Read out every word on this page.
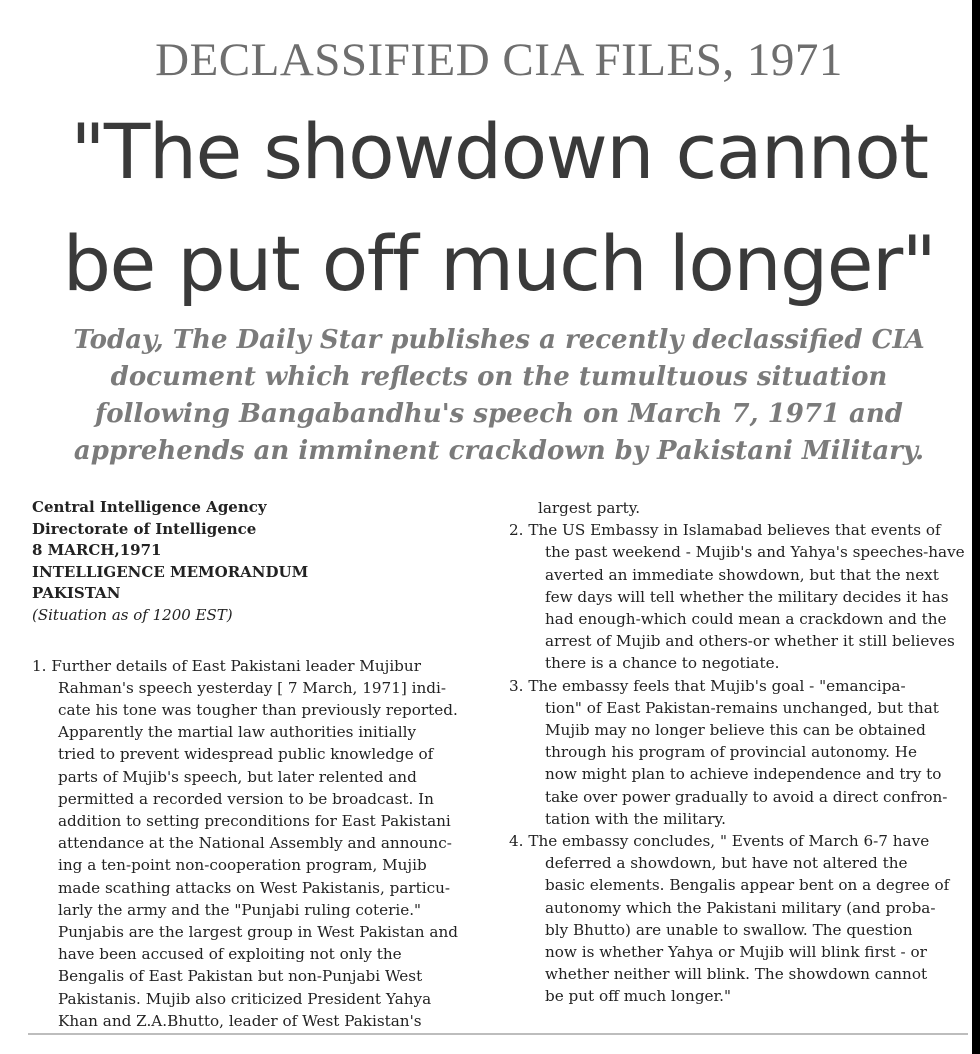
DECLASSIFIED CIA FILES, 1971
"The showdown cannot
be put off much longer"

Today, The Daily Star publishes a recently declassified CIA
document which reflects on the tumultuous situation
following Bangabandhu's speech on March 7, 1971 and
apprehends an imminent crackdown by Pakistani Military.

Central Intelligence Agency
Directorate of Intelligence
8 MARCH,1971
INTELLIGENCE MEMORANDUM
PAKISTAN
(Situation as of 1200 EST)
1. Further details of East Pakistani leader Mujibur
Rahman's speech yesterday [ 7 March, 1971] indi-
cate his tone was tougher than previously reported.
Apparently the martial law authorities initially
tried to prevent widespread public knowledge of
parts of Mujib's speech, but later relented and
permitted a recorded version to be broadcast. In
addition to setting preconditions for East Pakistani
attendance at the National Assembly and announc-
ing a ten-point non-cooperation program, Mujib
made scathing attacks on West Pakistanis, particu-
larly the army and the "Punjabi ruling coterie."
Punjabis are the largest group in West Pakistan and
have been accused of exploiting not only the
Bengalis of East Pakistan but non-Punjabi West
Pakistanis. Mujib also criticized President Yahya
Khan and Z.A.Bhutto, leader of West Pakistan's
largest party.
2. The US Embassy in Islamabad believes that events of
the past weekend - Mujib's and Yahya's speeches-have
averted an immediate showdown, but that the next
few days will tell whether the military decides it has
had enough-which could mean a crackdown and the
arrest of Mujib and others-or whether it still believes
there is a chance to negotiate.
3. The embassy feels that Mujib's goal - "emancipa-
tion" of East Pakistan-remains unchanged, but that
Mujib may no longer believe this can be obtained
through his program of provincial autonomy. He
now might plan to achieve independence and try to
take over power gradually to avoid a direct confron-
tation with the military.
4. The embassy concludes, " Events of March 6-7 have
deferred a showdown, but have not altered the
basic elements. Bengalis appear bent on a degree of
autonomy which the Pakistani military (and proba-
bly Bhutto) are unable to swallow. The question
now is whether Yahya or Mujib will blink first - or
whether neither will blink. The showdown cannot
be put off much longer."
